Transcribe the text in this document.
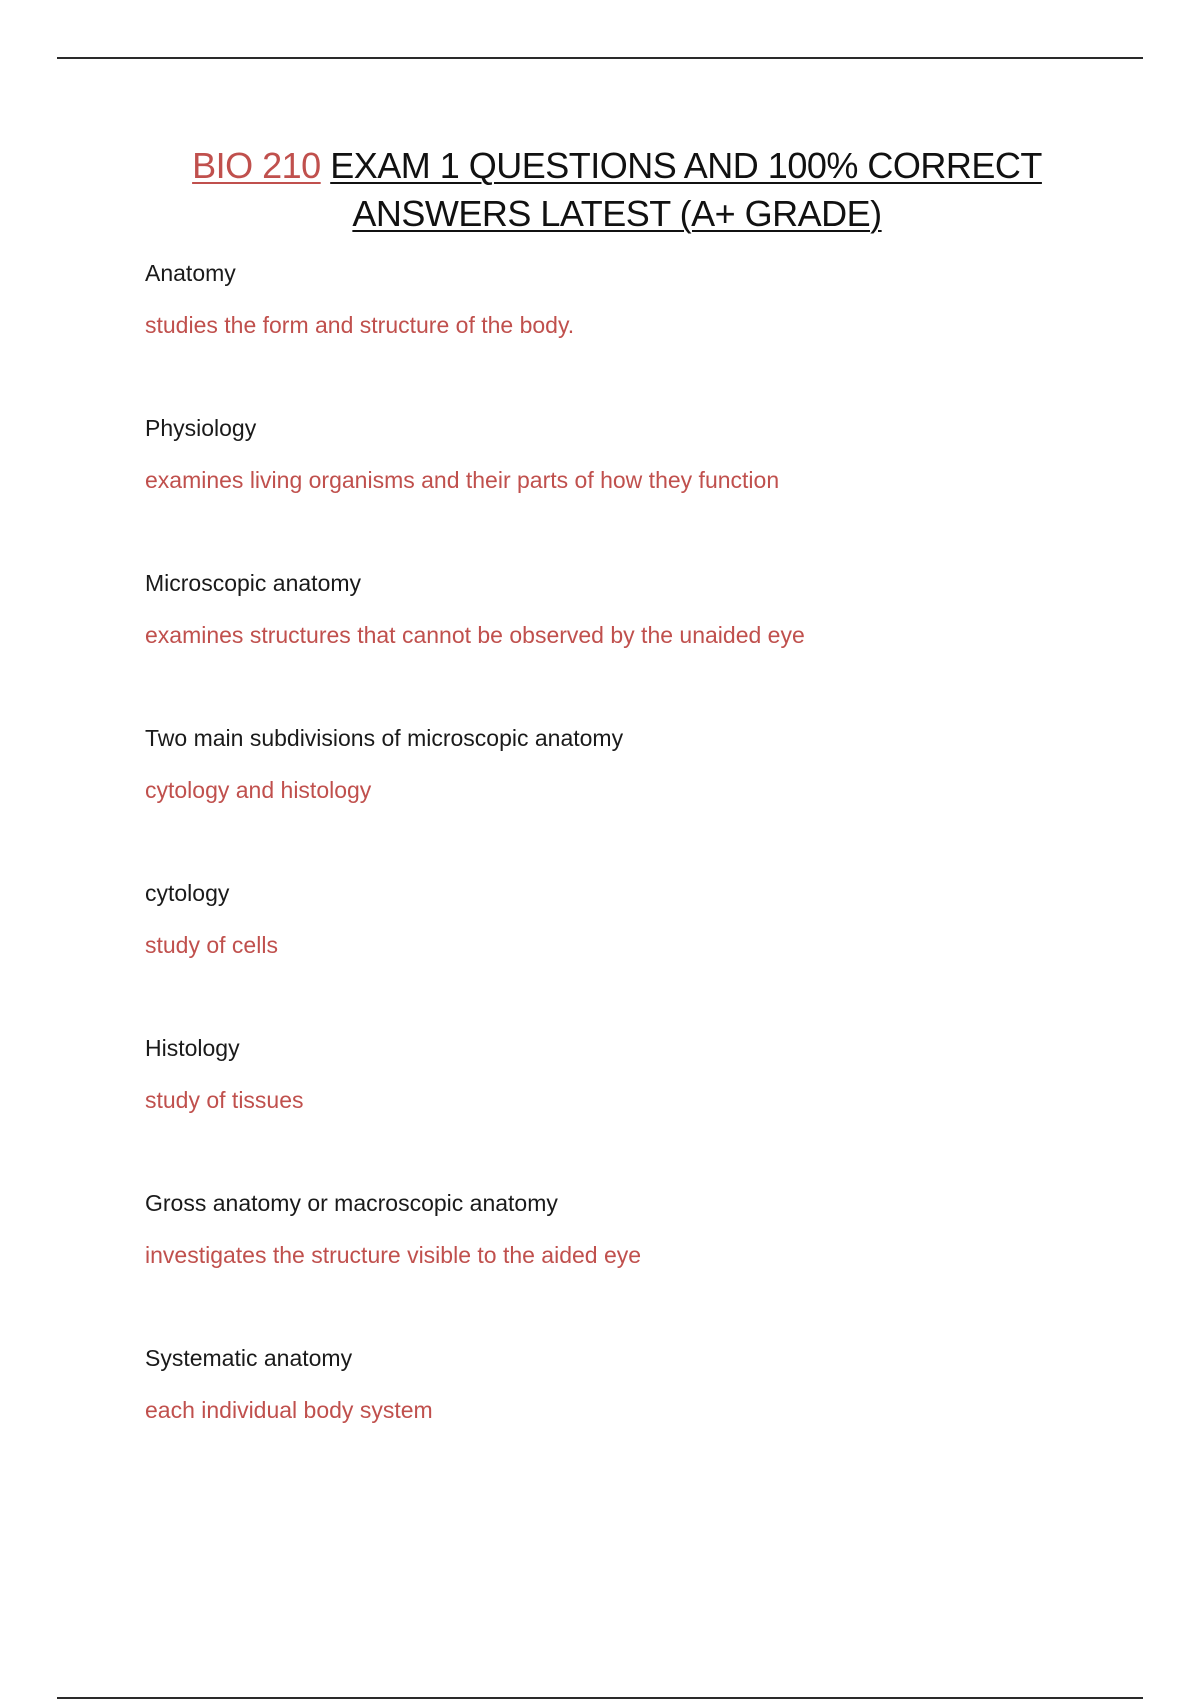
BIO 210 EXAM 1 QUESTIONS AND 100% CORRECT
ANSWERS LATEST (A+ GRADE)
Anatomy
studies the form and structure of the body.
Physiology
examines living organisms and their parts of how they function
Microscopic anatomy
examines structures that cannot be observed by the unaided eye
Two main subdivisions of microscopic anatomy
cytology and histology
cytology
study of cells
Histology
study of tissues
Gross anatomy or macroscopic anatomy
investigates the structure visible to the aided eye
Systematic anatomy
each individual body system
